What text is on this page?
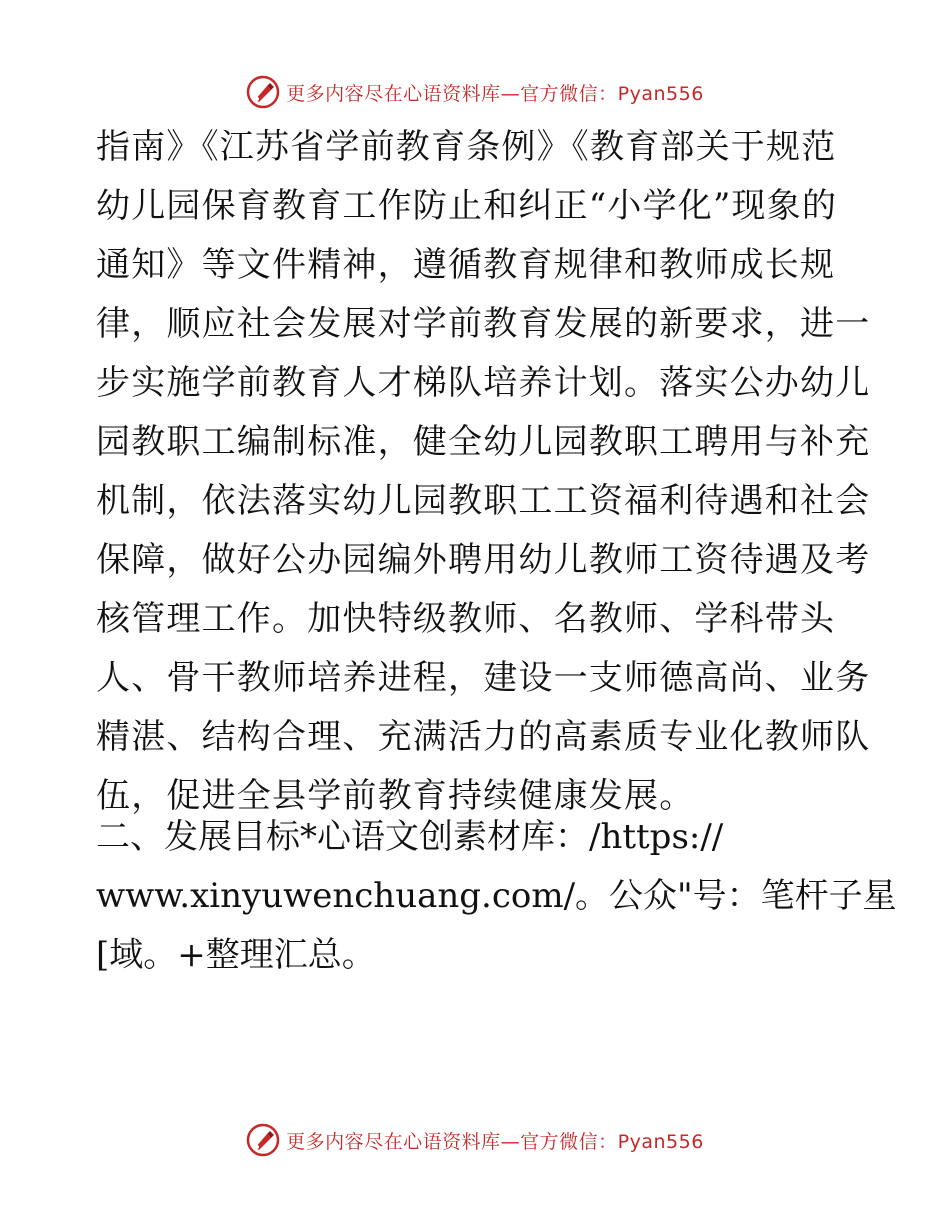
更多内容尽在心语资料库—官方微信：Pyan556
指南》《江苏省学前教育条例》《教育部关于规范
幼儿园保育教育工作防止和纠正“小学化”现象的
通知》等文件精神，遵循教育规律和教师成长规
律，顺应社会发展对学前教育发展的新要求，进一
步实施学前教育人才梯队培养计划。落实公办幼儿
园教职工编制标准，健全幼儿园教职工聘用与补充
机制，依法落实幼儿园教职工工资福利待遇和社会
保障，做好公办园编外聘用幼儿教师工资待遇及考
核管理工作。加快特级教师、名教师、学科带头
人、骨干教师培养进程，建设一支师德高尚、业务
精湛、结构合理、充满活力的高素质专业化教师队
伍，促进全县学前教育持续健康发展。
二、发展目标*心语文创素材库：/https://
www.xinyuwenchuang.com/。公众"号：笔杆子星
[域。+整理汇总。
更多内容尽在心语资料库—官方微信：Pyan556
